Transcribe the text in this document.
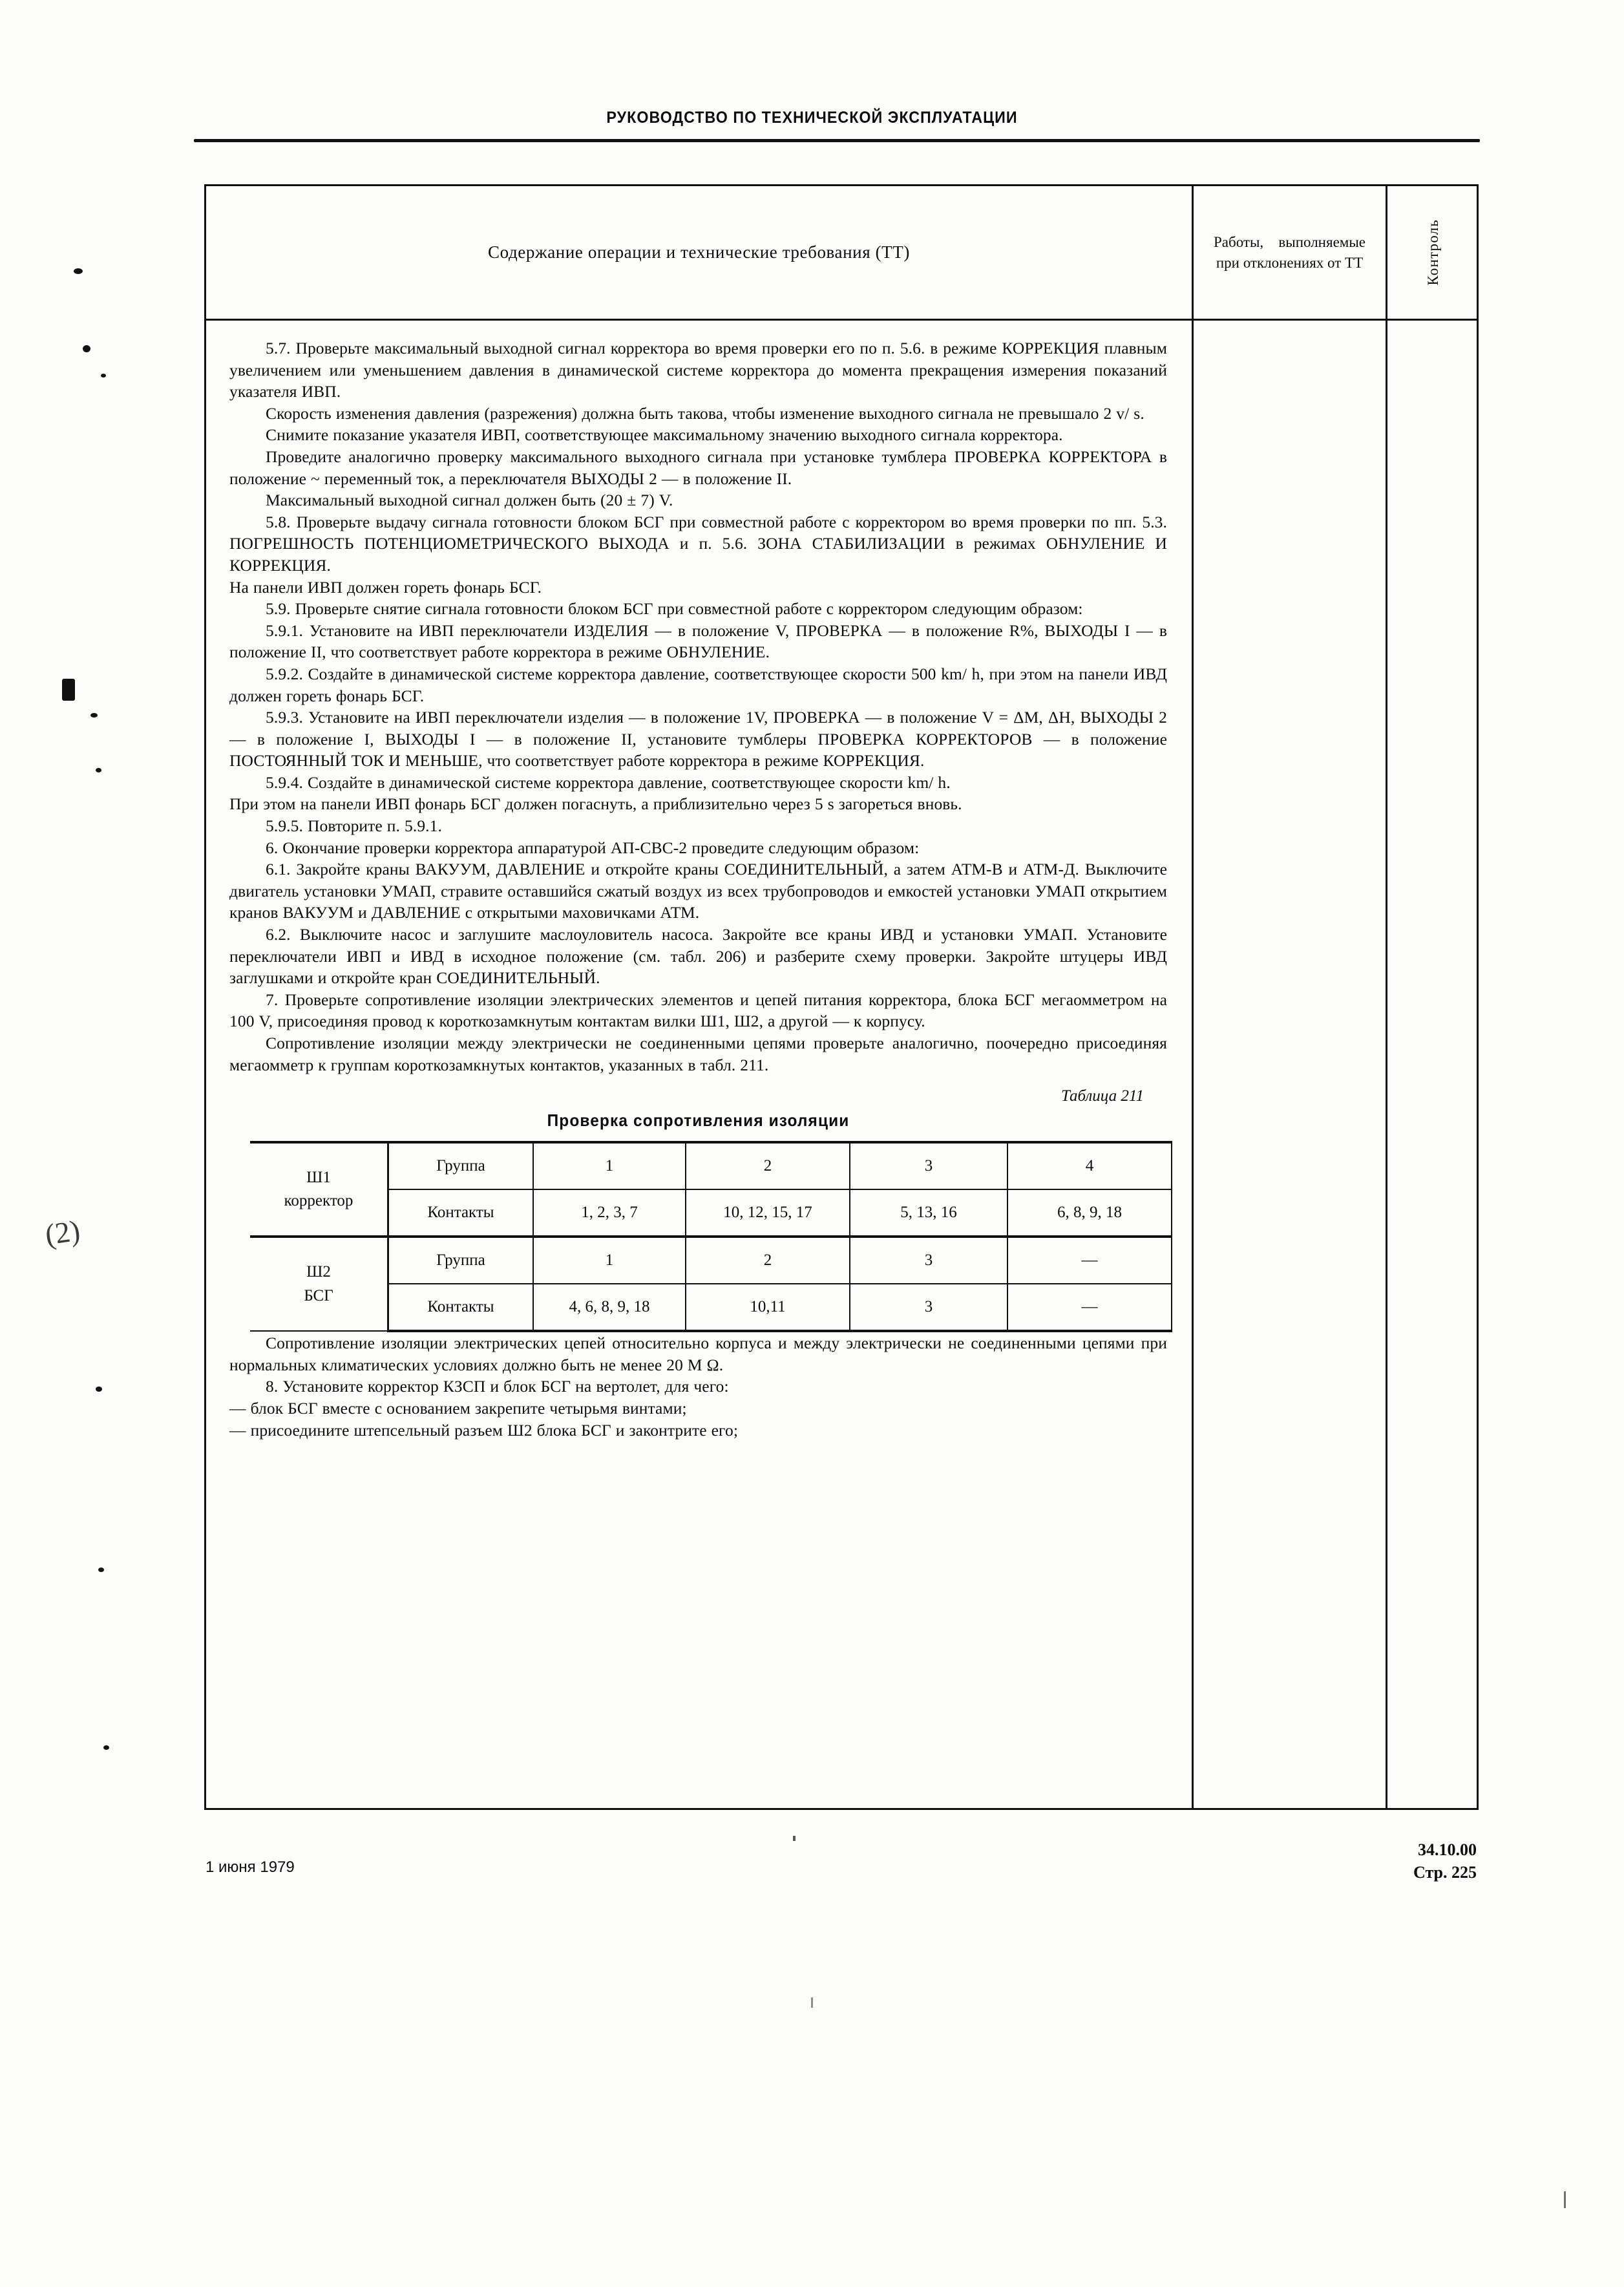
РУКОВОДСТВО ПО ТЕХНИЧЕСКОЙ ЭКСПЛУАТАЦИИ
(2)
Содержание операции и технические требования (ТТ)
Работы, выполняемые при отклонениях от ТТ	Контроль

5.7. Проверьте максимальный выходной сигнал корректора во время проверки его по п. 5.6. в режиме КОРРЕКЦИЯ плавным увеличением или уменьшением давления в динамической системе корректора до момента прекращения измерения показаний указателя ИВП.

Скорость изменения давления (разрежения) должна быть такова, чтобы изменение выходного сигнала не превышало 2 v/ s.

Снимите показание указателя ИВП, соответствующее максимальному значению выходного сигнала корректора.

Проведите аналогично проверку максимального выходного сигнала при установке тумблера ПРОВЕРКА КОРРЕКТОРА в положение ~ переменный ток, а переключателя ВЫХОДЫ 2 — в положение II.

Максимальный выходной сигнал должен быть (20 ± 7) V.

5.8. Проверьте выдачу сигнала готовности блоком БСГ при совместной работе с корректором во время проверки по пп. 5.3. ПОГРЕШНОСТЬ ПОТЕНЦИОМЕТРИЧЕСКОГО ВЫХОДА и п. 5.6. ЗОНА СТАБИЛИЗАЦИИ в режимах ОБНУЛЕНИЕ И КОРРЕКЦИЯ.

На панели ИВП должен гореть фонарь БСГ.

5.9. Проверьте снятие сигнала готовности блоком БСГ при совместной работе с корректором следующим образом:

5.9.1. Установите на ИВП переключатели ИЗДЕЛИЯ — в положение V, ПРОВЕРКА — в положение R%, ВЫХОДЫ I — в положение II, что соответствует работе корректора в режиме ОБНУЛЕНИЕ.

5.9.2. Создайте в динамической системе корректора давление, соответствующее скорости 500 km/ h, при этом на панели ИВД должен гореть фонарь БСГ.

5.9.3. Установите на ИВП переключатели изделия — в положение 1V, ПРОВЕРКА — в положение V = ΔМ, ΔН, ВЫХОДЫ 2 — в положение I, ВЫХОДЫ I — в положение II, установите тумблеры ПРОВЕРКА КОРРЕКТОРОВ — в положение ПОСТОЯННЫЙ ТОК И МЕНЬШЕ, что соответствует работе корректора в режиме КОРРЕКЦИЯ.

5.9.4. Создайте в динамической системе корректора давление, соответствующее скорости km/ h.

При этом на панели ИВП фонарь БСГ должен погаснуть, а приблизительно через 5 s загореться вновь.

5.9.5. Повторите п. 5.9.1.

6. Окончание проверки корректора аппаратурой АП-СВС-2 проведите следующим образом:

6.1. Закройте краны ВАКУУМ, ДАВЛЕНИЕ и откройте краны СОЕДИНИТЕЛЬНЫЙ, а затем АТМ-В и АТМ-Д. Выключите двигатель установки УМАП, стравите оставшийся сжатый воздух из всех трубопроводов и емкостей установки УМАП открытием кранов ВАКУУМ и ДАВЛЕНИЕ с открытыми маховичками АТМ.

6.2. Выключите насос и заглушите маслоуловитель насоса. Закройте все краны ИВД и установки УМАП. Установите переключатели ИВП и ИВД в исходное положение (см. табл. 206) и разберите схему проверки. Закройте штуцеры ИВД заглушками и откройте кран СОЕДИНИТЕЛЬНЫЙ.

7. Проверьте сопротивление изоляции электрических элементов и цепей питания корректора, блока БСГ мегаомметром на 100 V, присоединяя провод к короткозамкнутым контактам вилки Ш1, Ш2, а другой — к корпусу.

Сопротивление изоляции между электрически не соединенными цепями проверьте аналогично, поочередно присоединяя мегаомметр к группам короткозамкнутых контактов, указанных в табл. 211.

Таблица 211

Проверка сопротивления изоляции

Ш1
корректор	Группа	1	2	3	4
	Контакты	1, 2, 3, 7	10, 12, 15, 17	5, 13, 16	6, 8, 9, 18
Ш2
БСГ	Группа	1	2	3	—
	Контакты	4, 6, 8, 9, 18	10,11	3	—

Сопротивление изоляции электрических цепей относительно корпуса и между электрически не соединенными цепями при нормальных климатических условиях должно быть не менее 20 M Ω.

8. Установите корректор КЗСП и блок БСГ на вертолет, для чего:

— блок БСГ вместе с основанием закрепите четырьмя винтами;

— присоедините штепсельный разъем Ш2 блока БСГ и законтрите его;

1 июня 1979
34.10.00
Стр. 225
